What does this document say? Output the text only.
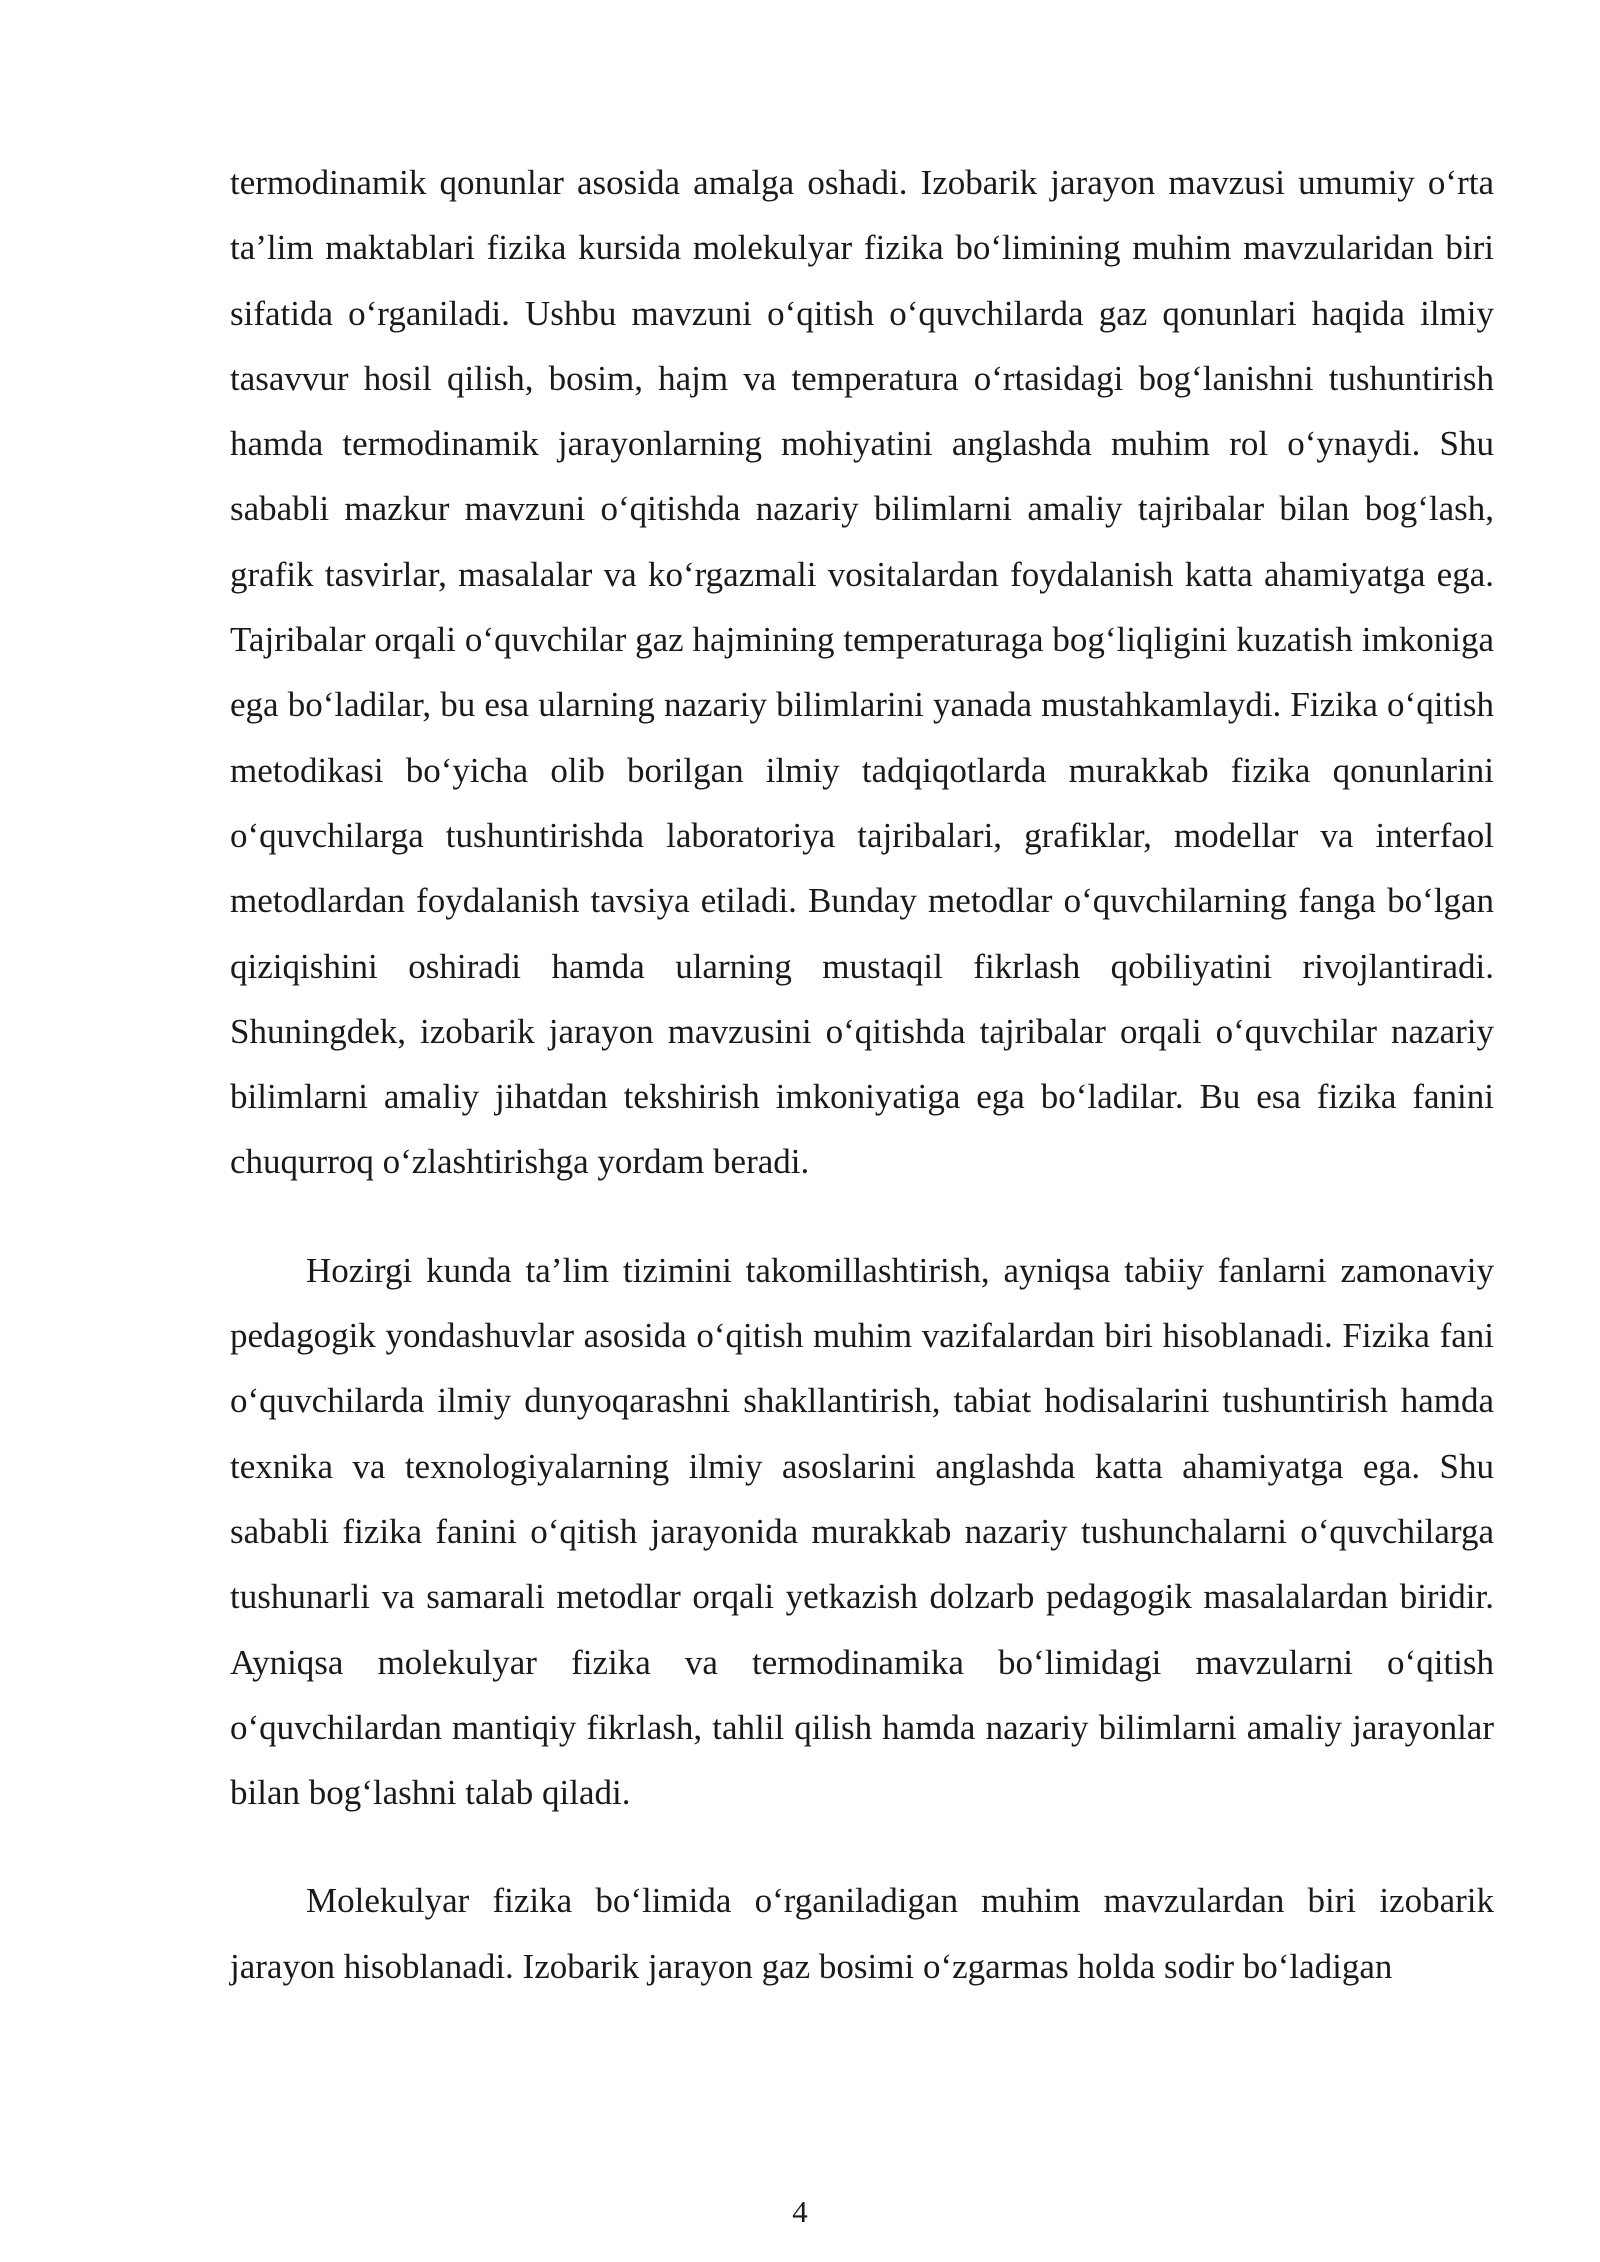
termodinamik qonunlar asosida amalga oshadi. Izobarik jarayon mavzusi umumiy o‘rta ta’lim maktablari fizika kursida molekulyar fizika bo‘limining muhim mavzularidan biri sifatida o‘rganiladi. Ushbu mavzuni o‘qitish o‘quvchilarda gaz qonunlari haqida ilmiy tasavvur hosil qilish, bosim, hajm va temperatura o‘rtasidagi bog‘lanishni tushuntirish hamda termodinamik jarayonlarning mohiyatini anglashda muhim rol o‘ynaydi. Shu sababli mazkur mavzuni o‘qitishda nazariy bilimlarni amaliy tajribalar bilan bog‘lash, grafik tasvirlar, masalalar va ko‘rgazmali vositalardan foydalanish katta ahamiyatga ega. Tajribalar orqali o‘quvchilar gaz hajmining temperaturaga bog‘liqligini kuzatish imkoniga ega bo‘ladilar, bu esa ularning nazariy bilimlarini yanada mustahkamlaydi. Fizika o‘qitish metodikasi bo‘yicha olib borilgan ilmiy tadqiqotlarda murakkab fizika qonunlarini o‘quvchilarga tushuntirishda laboratoriya tajribalari, grafiklar, modellar va interfaol metodlardan foydalanish tavsiya etiladi. Bunday metodlar o‘quvchilarning fanga bo‘lgan qiziqishini oshiradi hamda ularning mustaqil fikrlash qobiliyatini rivojlantiradi. Shuningdek, izobarik jarayon mavzusini o‘qitishda tajribalar orqali o‘quvchilar nazariy bilimlarni amaliy jihatdan tekshirish imkoniyatiga ega bo‘ladilar. Bu esa fizika fanini chuqurroq o‘zlashtirishga yordam beradi.

Hozirgi kunda ta’lim tizimini takomillashtirish, ayniqsa tabiiy fanlarni zamonaviy pedagogik yondashuvlar asosida o‘qitish muhim vazifalardan biri hisoblanadi. Fizika fani o‘quvchilarda ilmiy dunyoqarashni shakllantirish, tabiat hodisalarini tushuntirish hamda texnika va texnologiyalarning ilmiy asoslarini anglashda katta ahamiyatga ega. Shu sababli fizika fanini o‘qitish jarayonida murakkab nazariy tushunchalarni o‘quvchilarga tushunarli va samarali metodlar orqali yetkazish dolzarb pedagogik masalalardan biridir. Ayniqsa molekulyar fizika va termodinamika bo‘limidagi mavzularni o‘qitish o‘quvchilardan mantiqiy fikrlash, tahlil qilish hamda nazariy bilimlarni amaliy jarayonlar bilan bog‘lashni talab qiladi.

Molekulyar fizika bo‘limida o‘rganiladigan muhim mavzulardan biri izobarik jarayon hisoblanadi. Izobarik jarayon gaz bosimi o‘zgarmas holda sodir bo‘ladigan

4
